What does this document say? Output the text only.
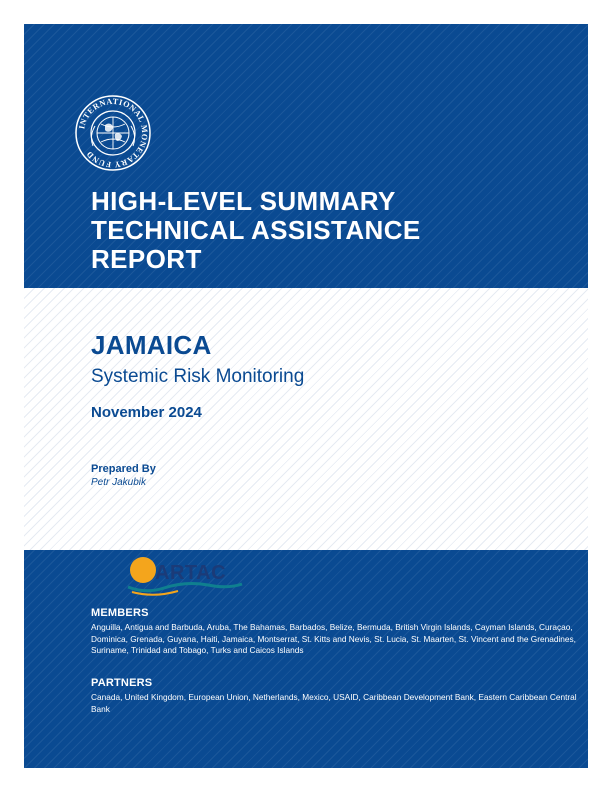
INTERNATIONAL MONETARY FUND
HIGH-LEVEL SUMMARY
TECHNICAL ASSISTANCE
REPORT
JAMAICA

Systemic Risk Monitoring

November 2024

Prepared By

Petr Jakubik

ARTAC

MEMBERS

Anguilla, Antigua and Barbuda, Aruba, The Bahamas, Barbados, Belize, Bermuda, British Virgin Islands, Cayman Islands, Curaçao, Dominica, Grenada, Guyana, Haiti, Jamaica, Montserrat, St. Kitts and Nevis, St. Lucia, St. Maarten, St. Vincent and the Grenadines, Suriname, Trinidad and Tobago, Turks and Caicos Islands

PARTNERS

Canada, United Kingdom, European Union, Netherlands, Mexico, USAID, Caribbean Development Bank, Eastern Caribbean Central Bank
